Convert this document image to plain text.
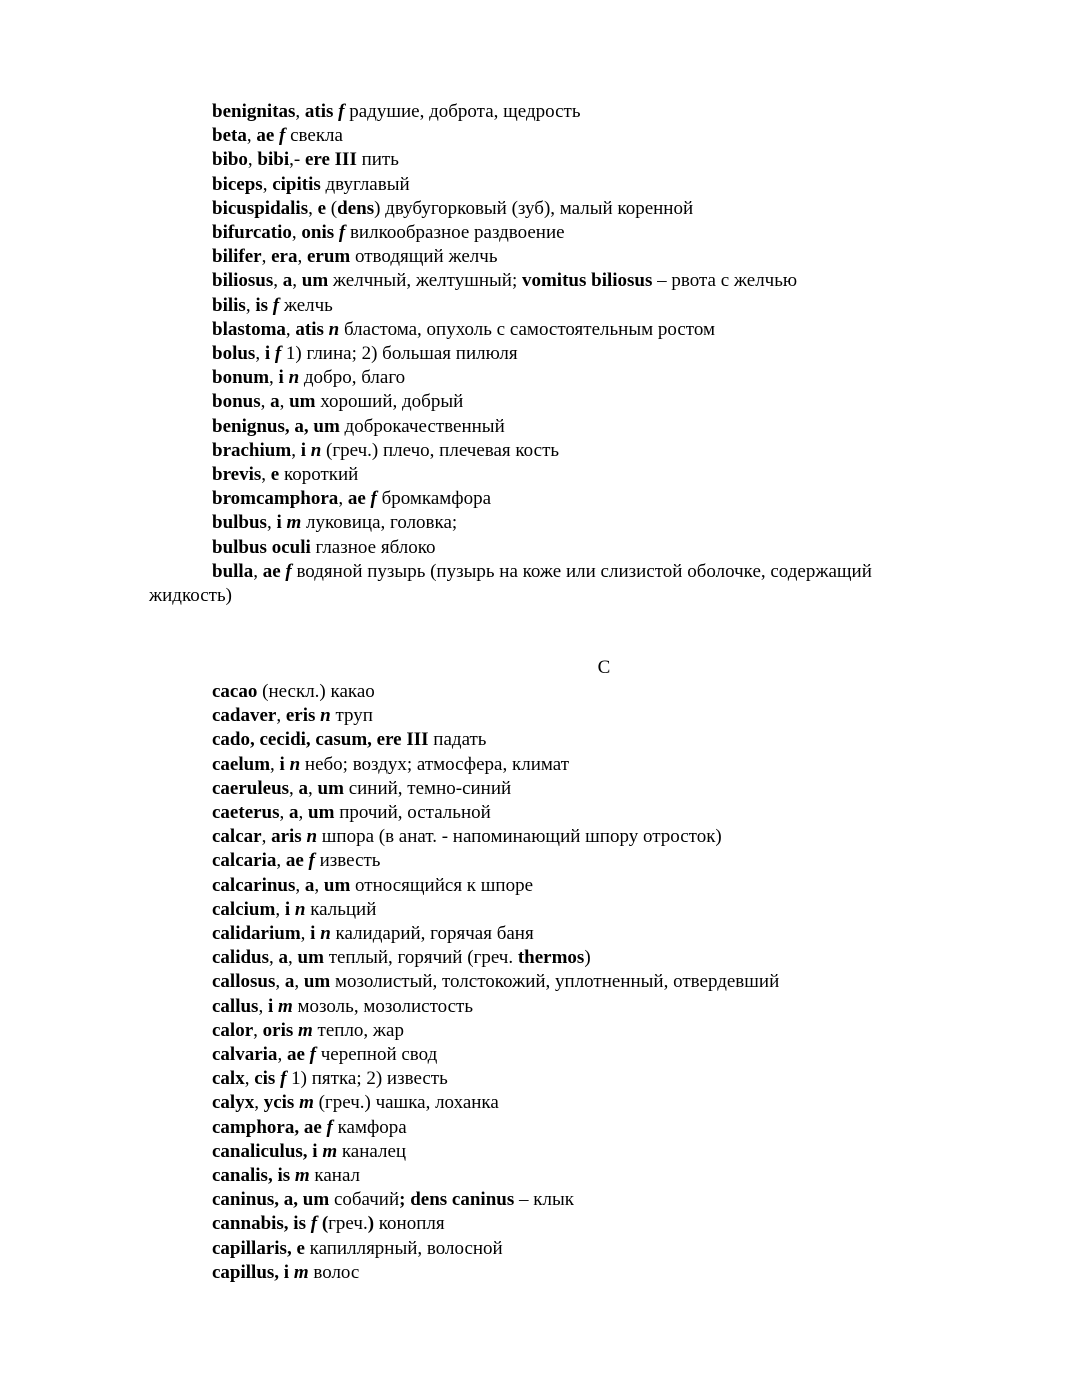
benignitas, atis f радушие, доброта, щедрость
beta, ae f свекла
bibo, bibi,- ere III пить
biceps, cipitis двуглавый
bicuspidalis, e (dens) двубугорковый (зуб), малый коренной
bifurcatio, onis f вилкообразное раздвоение
bilifer, era, erum отводящий желчь
biliosus, a, um желчный, желтушный; vomitus biliosus – рвота с желчью
bilis, is f желчь
blastoma, atis n бластома, опухоль с самостоятельным ростом
bolus, i f 1) глина; 2) большая пилюля
bonum, i n добро, благо
bonus, a, um хороший, добрый
benignus, a, um доброкачественный
brachium, i n (греч.) плечо, плечевая кость
brevis, e короткий
bromcamphora, ae f бромкамфора
bulbus, i m луковица, головка;
bulbus oculi глазное яблоко
bulla, ae f водяной пузырь (пузырь на коже или слизистой оболочке, содержащий
жидкость)
C
cacao (нескл.) какао
cadaver, eris n труп
cado, cecidi, casum, ere III падать
caelum, i n небо; воздух; атмосфера, климат
caeruleus, a, um синий, темно-синий
caeterus, a, um прочий, остальной
calcar, aris n шпора (в анат. - напоминающий шпору отросток)
calcaria, ae f известь
calcarinus, a, um относящийся к шпоре
calcium, i n кальций
calidarium, i n калидарий, горячая баня
calidus, a, um теплый, горячий (греч. thermos)
callosus, a, um мозолистый, толстокожий, уплотненный, отвердевший
callus, i m мозоль, мозолистость
calor, oris m тепло, жар
calvaria, ae f черепной свод
calx, cis f 1) пятка; 2) известь
calyx, ycis m (греч.) чашка, лоханка
camphora, ae f камфора
canaliculus, i m каналец
canalis, is m канал
caninus, a, um собачий; dens caninus – клык
cannabis, is f (греч.) конопля
capillaris, e капиллярный, волосной
capillus, i m волос
